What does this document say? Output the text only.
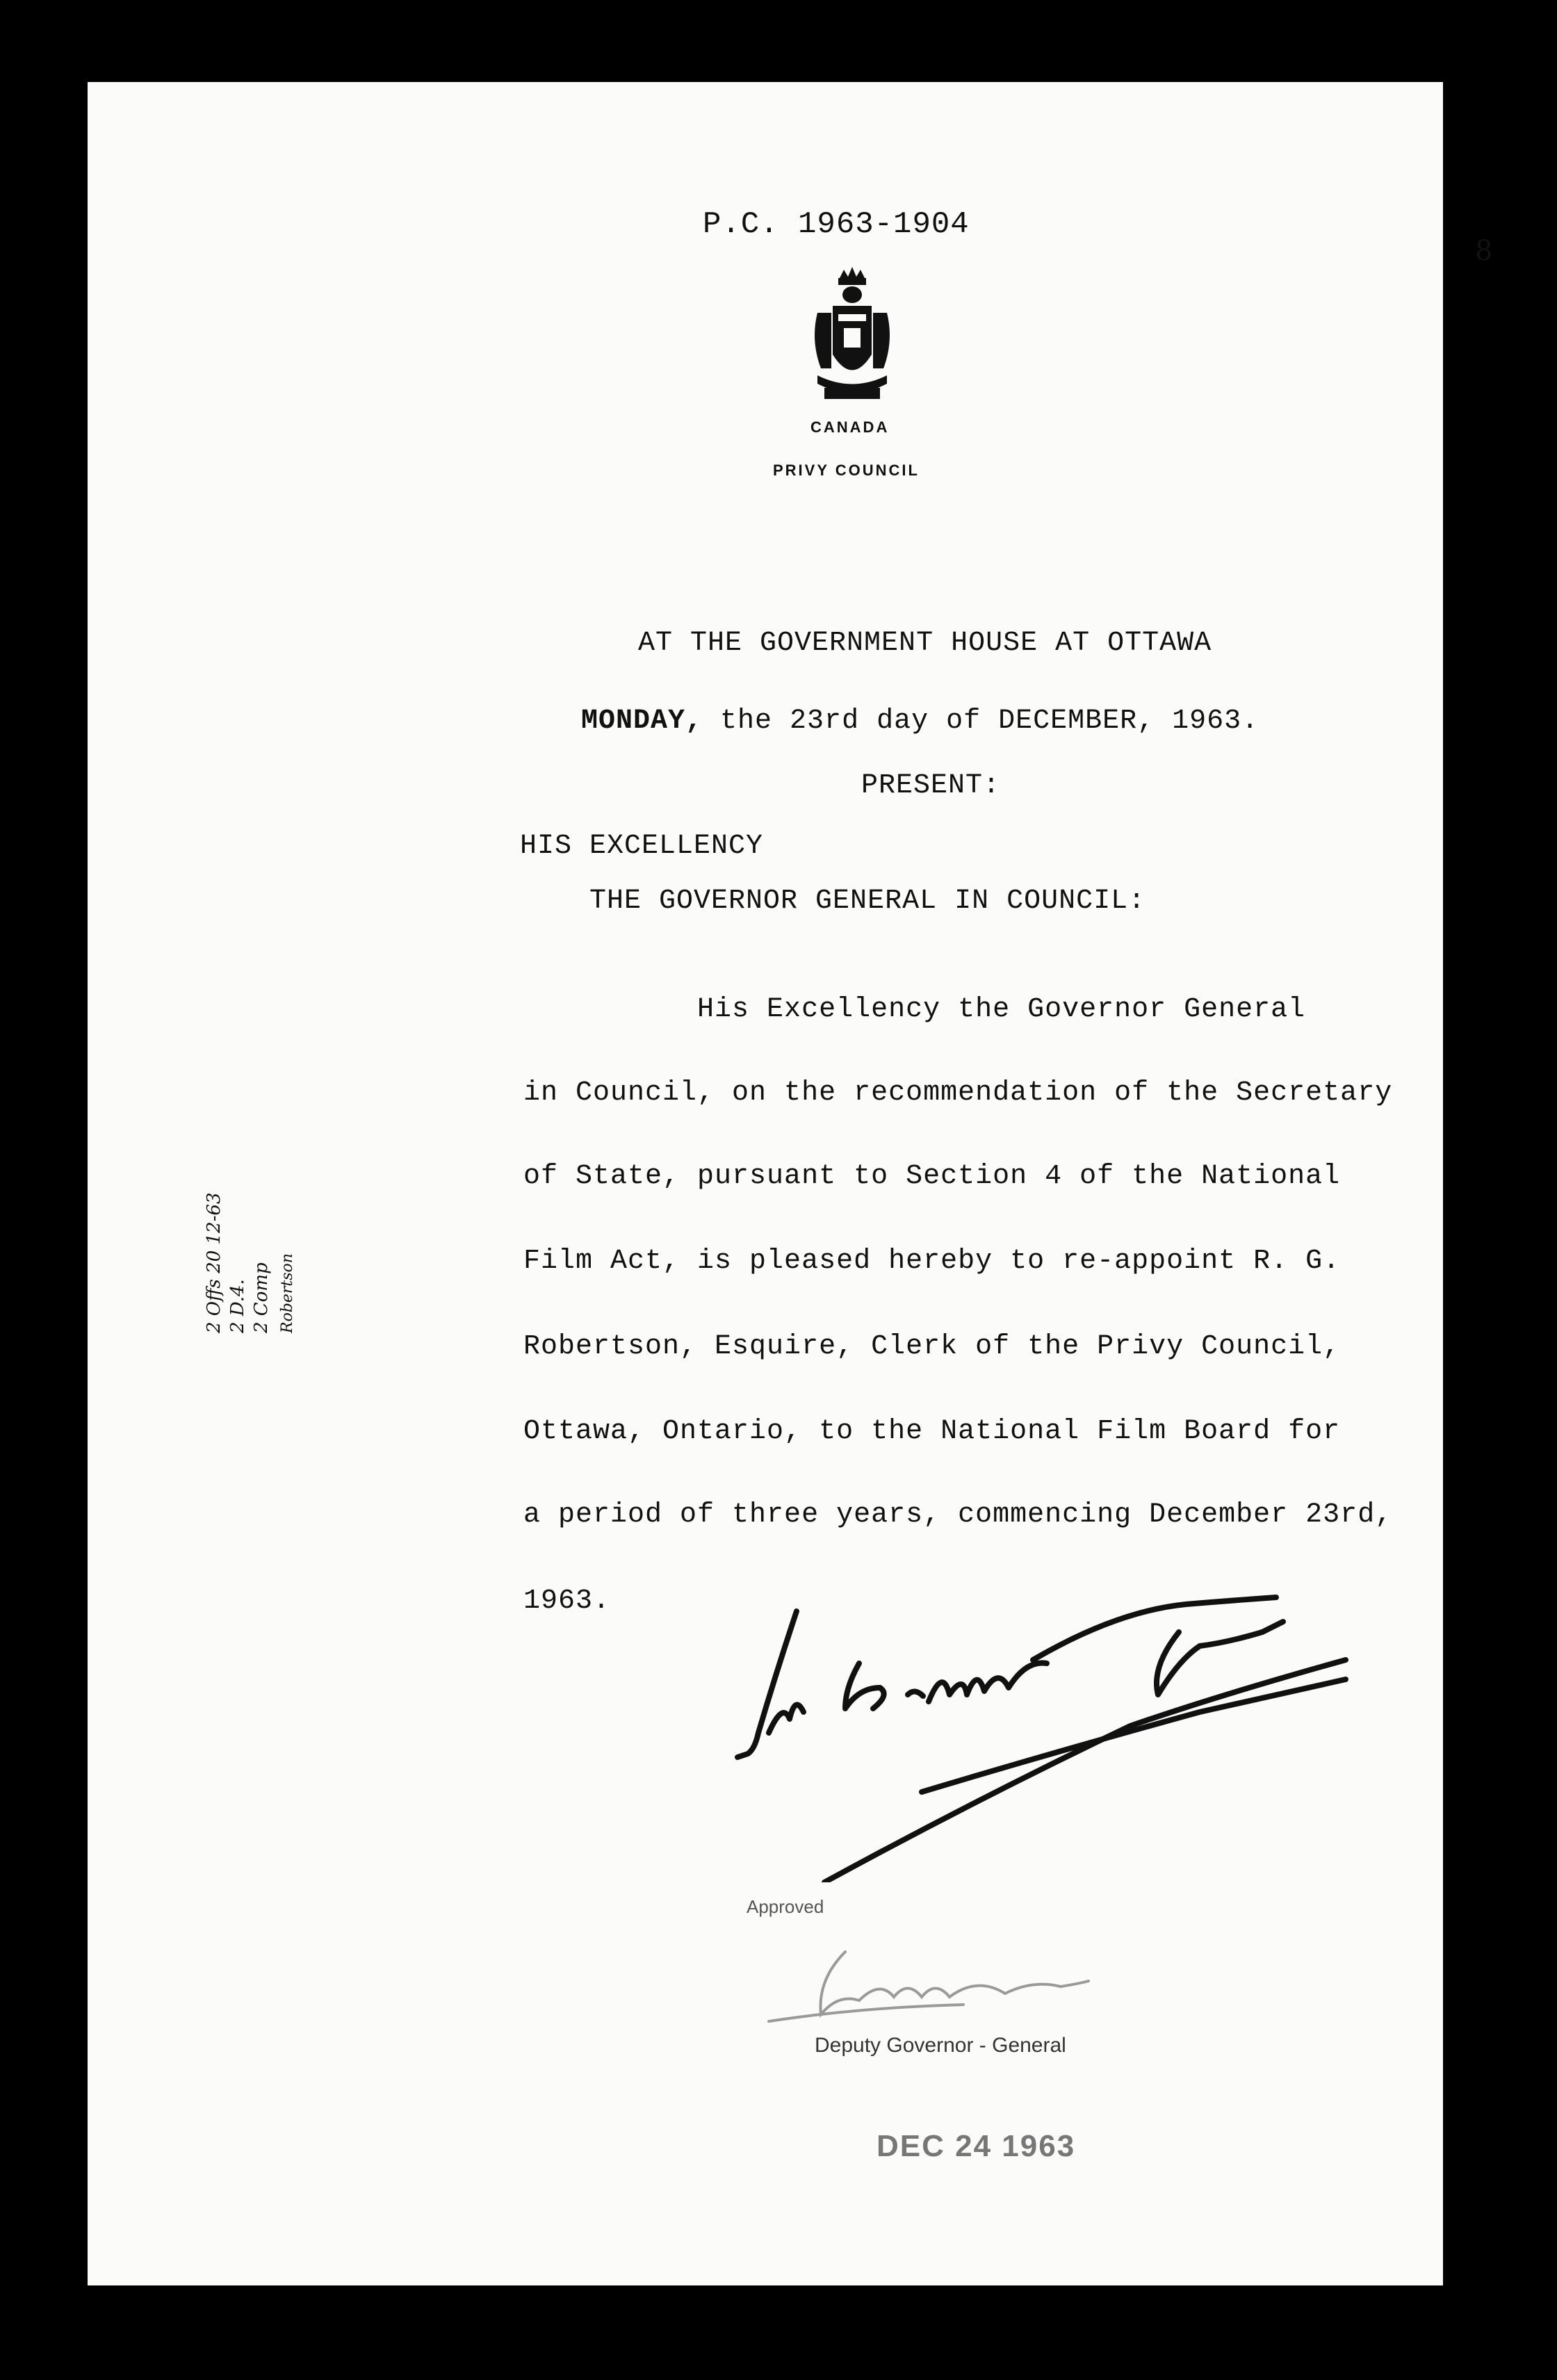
P.C. 1963-1904
8
CANADA
PRIVY COUNCIL
AT THE GOVERNMENT HOUSE AT OTTAWA
MONDAY, the 23rd day of DECEMBER, 1963.
PRESENT:
HIS EXCELLENCY
THE GOVERNOR GENERAL IN COUNCIL:
His Excellency the Governor General
in Council, on the recommendation of the Secretary
of State, pursuant to Section 4 of the National
Film Act, is pleased hereby to re-appoint R. G.
Robertson, Esquire, Clerk of the Privy Council,
Ottawa, Ontario, to the National Film Board for
a period of three years, commencing December 23rd,
1963.
2 Offs 20 12-63 2 D.4. 2 Comp Robertson
Approved
Deputy Governor - General
DEC 24 1963
